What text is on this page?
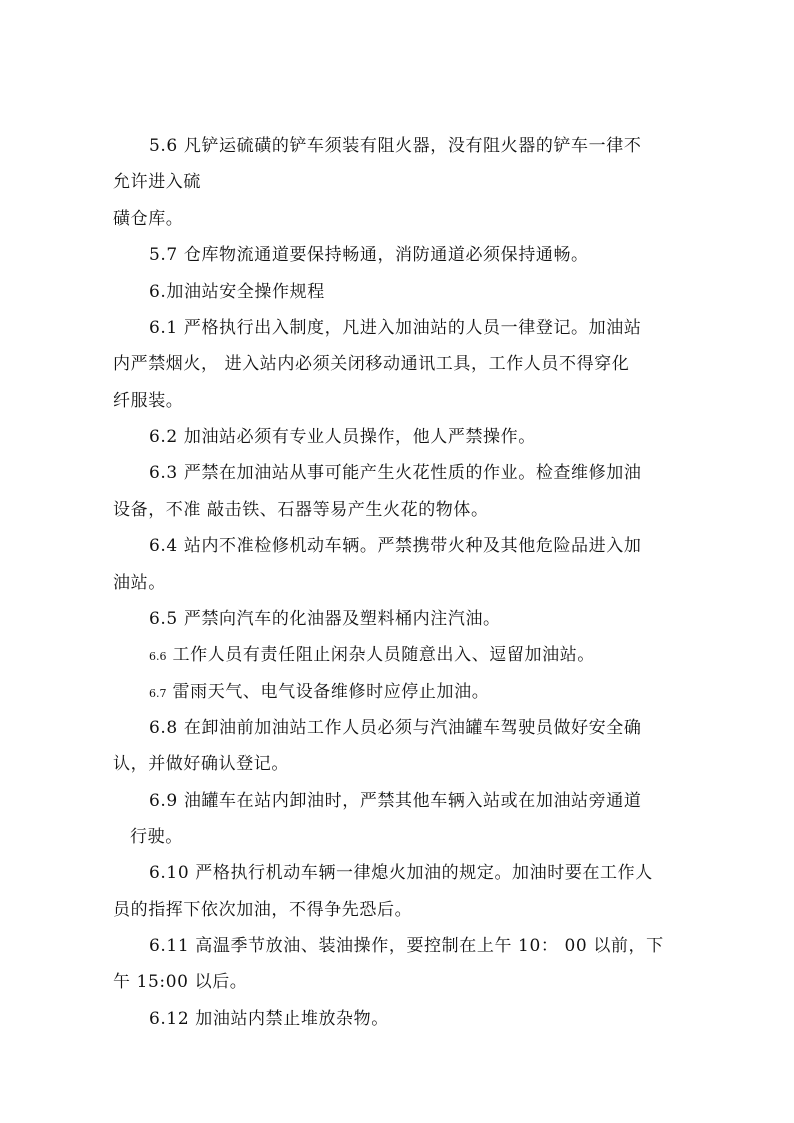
5.6 凡铲运硫磺的铲车须装有阻火器，没有阻火器的铲车一律不
允许进入硫
磺仓库。
5.7 仓库物流通道要保持畅通，消防通道必须保持通畅。
6.加油站安全操作规程
6.1 严格执行出入制度，凡进入加油站的人员一律登记。加油站
内严禁烟火， 进入站内必须关闭移动通讯工具，工作人员不得穿化
纤服装。
6.2 加油站必须有专业人员操作，他人严禁操作。
6.3 严禁在加油站从事可能产生火花性质的作业。检查维修加油
设备，不准 敲击铁、石器等易产生火花的物体。
6.4 站内不准检修机动车辆。严禁携带火种及其他危险品进入加
油站。
6.5 严禁向汽车的化油器及塑料桶内注汽油。
6.6 工作人员有责任阻止闲杂人员随意出入、逗留加油站。
6.7 雷雨天气、电气设备维修时应停止加油。
6.8 在卸油前加油站工作人员必须与汽油罐车驾驶员做好安全确
认，并做好确认登记。
6.9 油罐车在站内卸油时，严禁其他车辆入站或在加油站旁通道
行驶。
6.10 严格执行机动车辆一律熄火加油的规定。加油时要在工作人
员的指挥下依次加油，不得争先恐后。
6.11 高温季节放油、装油操作，要控制在上午 10： 00 以前，下
午 15:00 以后。
6.12 加油站内禁止堆放杂物。
